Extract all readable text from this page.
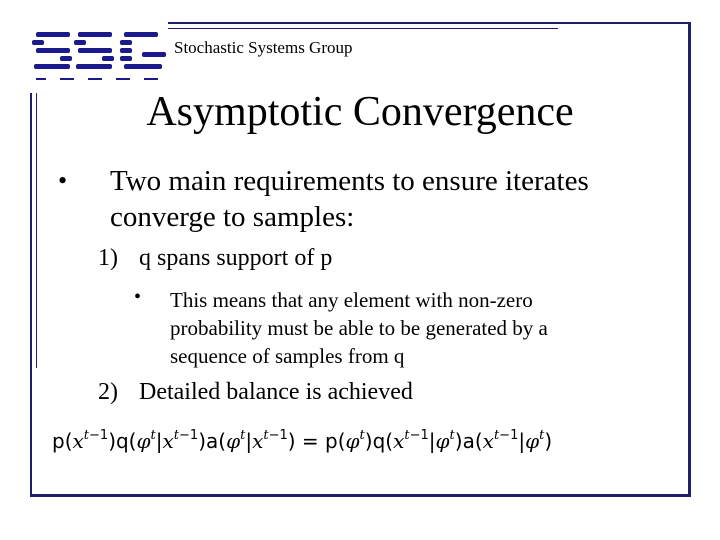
Stochastic Systems Group
Asymptotic Convergence
• Two main requirements to ensure iterates
converge to samples:
1) q spans support of p
• This means that any element with non-zero
probability must be able to be generated by a
sequence of samples from q
2) Detailed balance is achieved
$p(x^t-1)q(\varphi^t|x^t-1)a(\varphi^t|x^t-1) = p(\varphi^t)q(x^t-1|\varphi^t)a(x^t-1|\varphi^t)$
